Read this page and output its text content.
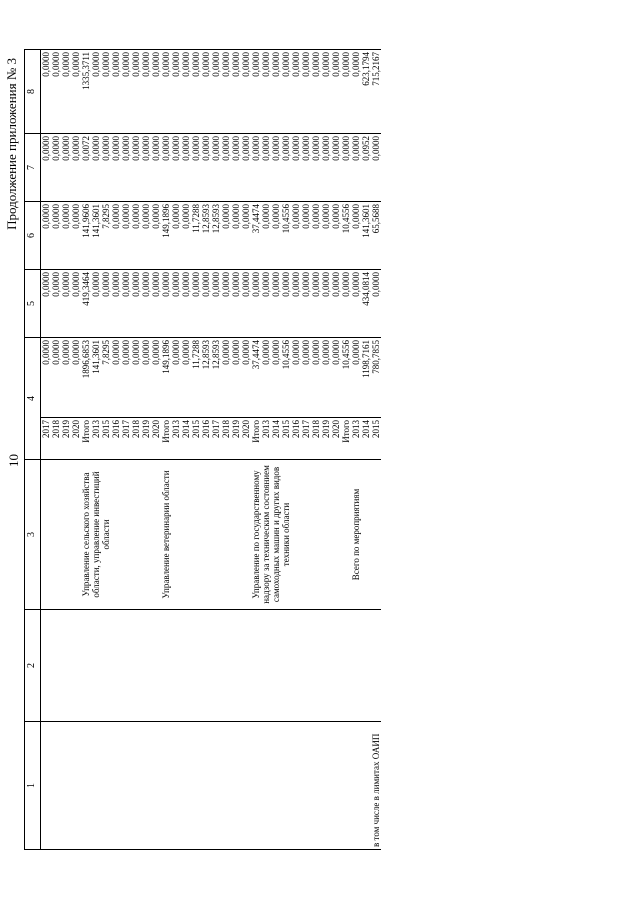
10
Продолжение приложения № 3
1	2	3	4		5	6	7	8
в том числе в лимитах ОАИП			2017	0,0000	0,0000	0,0000	0,0000	0,0000
			2018	0,0000	0,0000	0,0000	0,0000	0,0000
			2019	0,0000	0,0000	0,0000	0,0000	0,0000
			2020	0,0000	0,0000	0,0000	0,0000	0,0000
		Управление сельского хозяйства области, управление инвестиций области	Итого	1896,6853	419,3464	141,9606	0,0072	1335,3711
			2013	141,3601	0,0000	141,3601	0,0000	0,0000
			2015	7,8295	0,0000	7,8295	0,0000	0,0000
			2016	0,0000	0,0000	0,0000	0,0000	0,0000
			2017	0,0000	0,0000	0,0000	0,0000	0,0000
			2018	0,0000	0,0000	0,0000	0,0000	0,0000
			2019	0,0000	0,0000	0,0000	0,0000	0,0000
			2020	0,0000	0,0000	0,0000	0,0000	0,0000
		Управление ветеринарии области	Итого	149,1896	0,0000	149,1896	0,0000	0,0000
			2013	0,0000	0,0000	0,0000	0,0000	0,0000
			2014	0,0000	0,0000	0,0000	0,0000	0,0000
			2015	11,7288	0,0000	11,7288	0,0000	0,0000
			2016	12,8593	0,0000	12,8593	0,0000	0,0000
			2017	12,8593	0,0000	12,8593	0,0000	0,0000
			2018	0,0000	0,0000	0,0000	0,0000	0,0000
			2019	0,0000	0,0000	0,0000	0,0000	0,0000
			2020	0,0000	0,0000	0,0000	0,0000	0,0000
		Управление по государственному надзору за техническим состоянием самоходных машин и других видов техники области	Итого	37,4474	0,0000	37,4474	0,0000	0,0000
			2013	0,0000	0,0000	0,0000	0,0000	0,0000
			2014	0,0000	0,0000	0,0000	0,0000	0,0000
			2015	10,4556	0,0000	10,4556	0,0000	0,0000
			2016	0,0000	0,0000	0,0000	0,0000	0,0000
			2017	0,0000	0,0000	0,0000	0,0000	0,0000
			2018	0,0000	0,0000	0,0000	0,0000	0,0000
			2019	0,0000	0,0000	0,0000	0,0000	0,0000
			2020	0,0000	0,0000	0,0000	0,0000	0,0000
			Итого	10,4556	0,0000	10,4556	0,0000	0,0000
		Всего по мероприятиям	2013	0,0000	0,0000	0,0000	0,0000	0,0000
			2014	1198,7161	434,0814	141,3601	0,0952	623,1794
			2015	780,7855	0,0000	65,5688	0,0000	715,2167
